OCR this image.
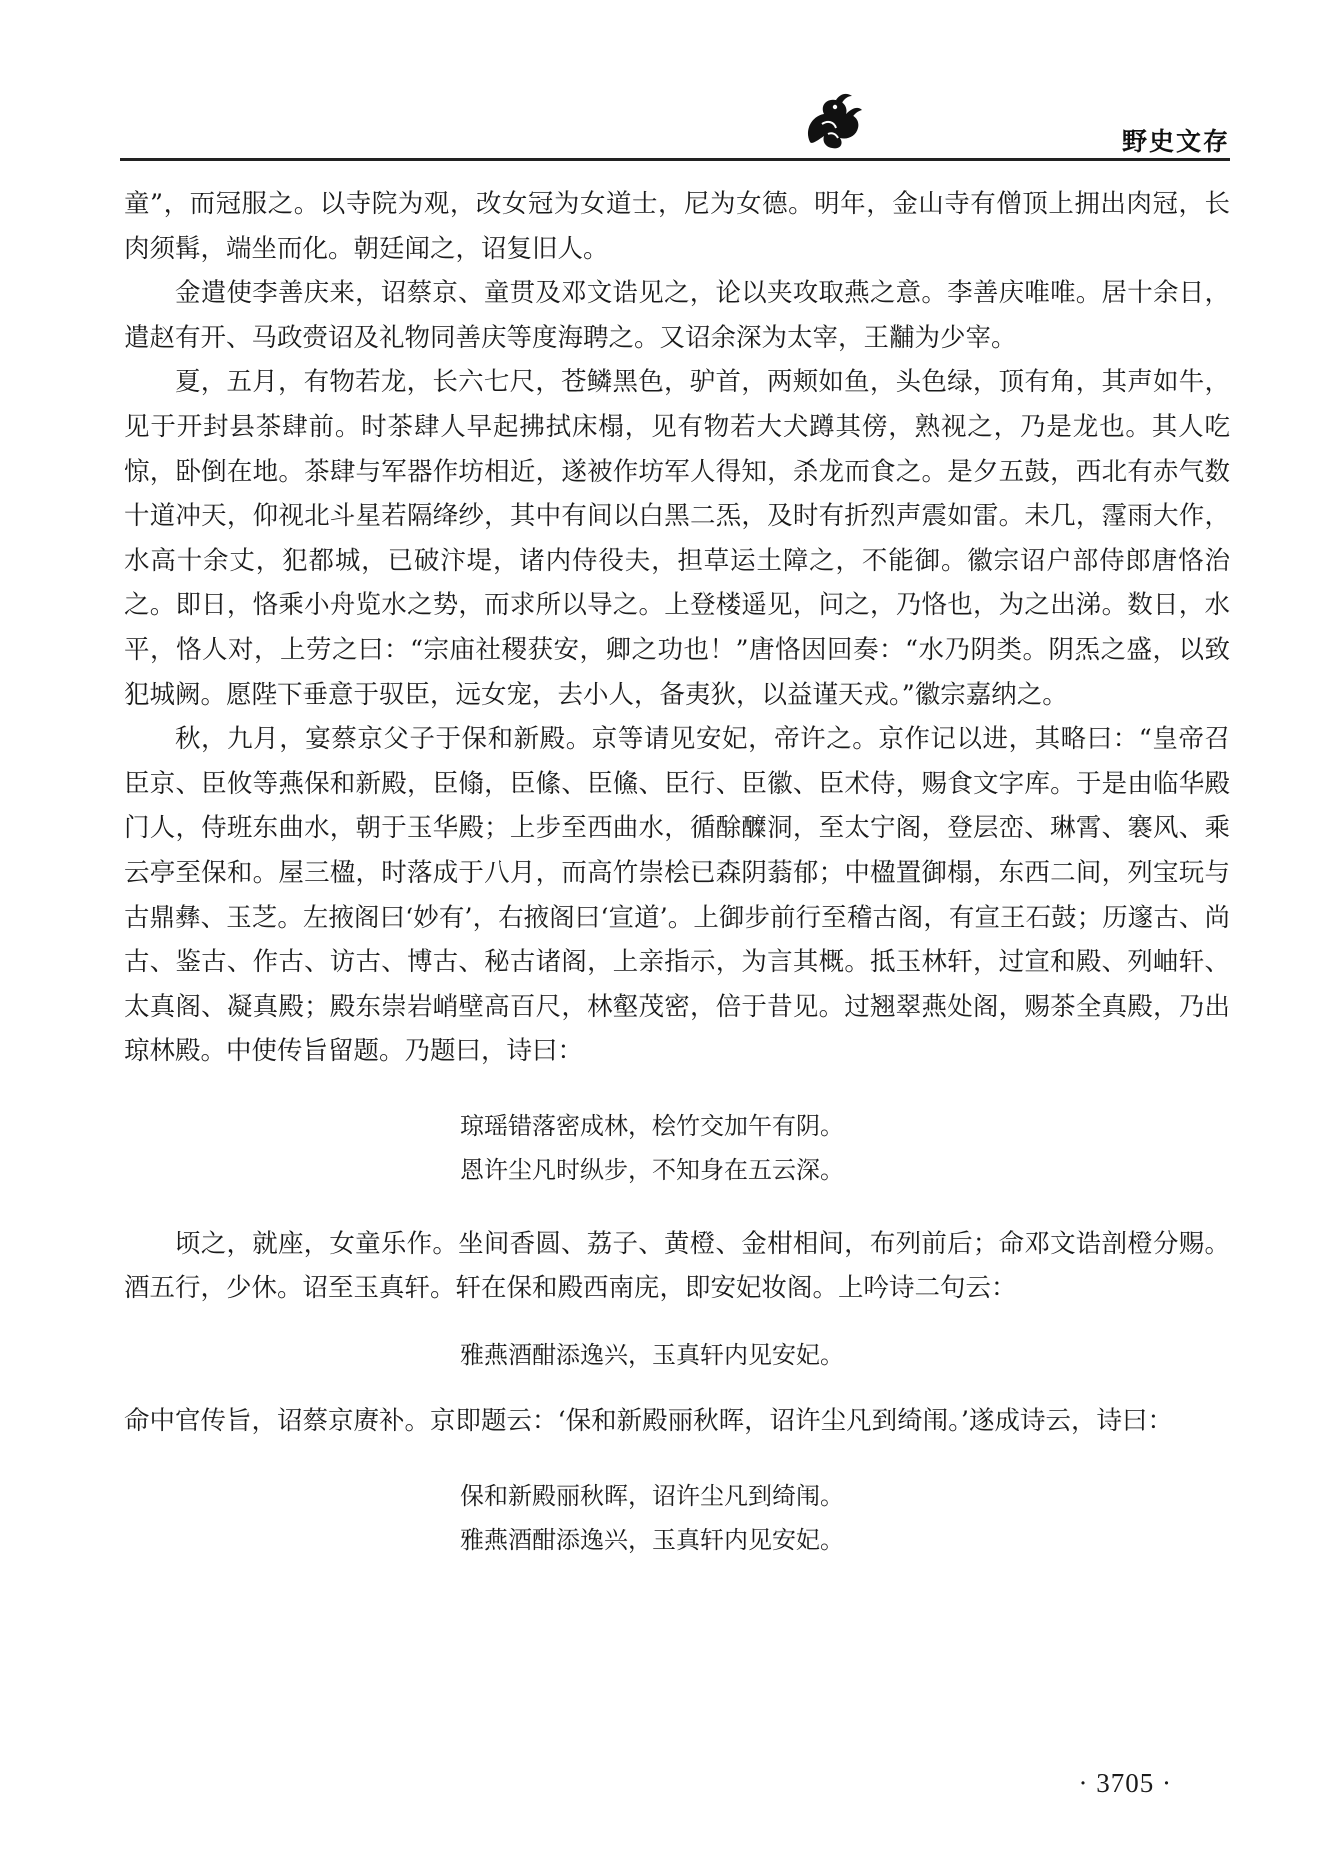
野史文存

童”，而冠服之。以寺院为观，改女冠为女道士，尼为女德。明年，金山寺有僧顶上拥出肉冠，长肉须髯，端坐而化。朝廷闻之，诏复旧人。

金遣使李善庆来，诏蔡京、童贯及邓文诰见之，论以夹攻取燕之意。李善庆唯唯。居十余日，遣赵有开、马政赍诏及礼物同善庆等度海聘之。又诏余深为太宰，王黼为少宰。

夏，五月，有物若龙，长六七尺，苍鳞黑色，驴首，两颊如鱼，头色绿，顶有角，其声如牛，见于开封县茶肆前。时茶肆人早起拂拭床榻，见有物若大犬蹲其傍，熟视之，乃是龙也。其人吃惊，卧倒在地。茶肆与军器作坊相近，遂被作坊军人得知，杀龙而食之。是夕五鼓，西北有赤气数十道冲天，仰视北斗星若隔绛纱，其中有间以白黑二炁，及时有折烈声震如雷。未几，霪雨大作，水高十余丈，犯都城，已破汴堤，诸内侍役夫，担草运土障之，不能御。徽宗诏户部侍郎唐恪治之。即日，恪乘小舟览水之势，而求所以导之。上登楼遥见，问之，乃恪也，为之出涕。数日，水平，恪人对，上劳之曰：“宗庙社稷获安，卿之功也！”唐恪因回奏：“水乃阴类。阴炁之盛，以致犯城阙。愿陛下垂意于驭臣，远女宠，去小人，备夷狄，以益谨天戎。”徽宗嘉纳之。

秋，九月，宴蔡京父子于保和新殿。京等请见安妃，帝许之。京作记以进，其略曰：“皇帝召臣京、臣攸等燕保和新殿，臣翛，臣絛、臣鯈、臣行、臣徽、臣术侍，赐食文字库。于是由临华殿门人，侍班东曲水，朝于玉华殿；上步至西曲水，循酴醾洞，至太宁阁，登层峦、琳霄、褰风、乘云亭至保和。屋三楹，时落成于八月，而高竹崇桧已森阴蓊郁；中楹置御榻，东西二间，列宝玩与古鼎彝、玉芝。左掖阁曰‘妙有’，右掖阁曰‘宣道’。上御步前行至稽古阁，有宣王石鼓；历邃古、尚古、鉴古、作古、访古、博古、秘古诸阁，上亲指示，为言其概。抵玉林轩，过宣和殿、列岫轩、太真阁、凝真殿；殿东崇岩峭壁高百尺，林壑茂密，倍于昔见。过翘翠燕处阁，赐茶全真殿，乃出琼林殿。中使传旨留题。乃题曰，诗曰：

琼瑶错落密成林，桧竹交加午有阴。
恩许尘凡时纵步，不知身在五云深。

顷之，就座，女童乐作。坐间香圆、荔子、黄橙、金柑相间，布列前后；命邓文诰剖橙分赐。酒五行，少休。诏至玉真轩。轩在保和殿西南庑，即安妃妆阁。上吟诗二句云：

雅燕酒酣添逸兴，玉真轩内见安妃。

命中官传旨，诏蔡京赓补。京即题云：‘保和新殿丽秋晖，诏许尘凡到绮闱。’遂成诗云，诗曰：

保和新殿丽秋晖，诏许尘凡到绮闱。
雅燕酒酣添逸兴，玉真轩内见安妃。
· 3705 ·
